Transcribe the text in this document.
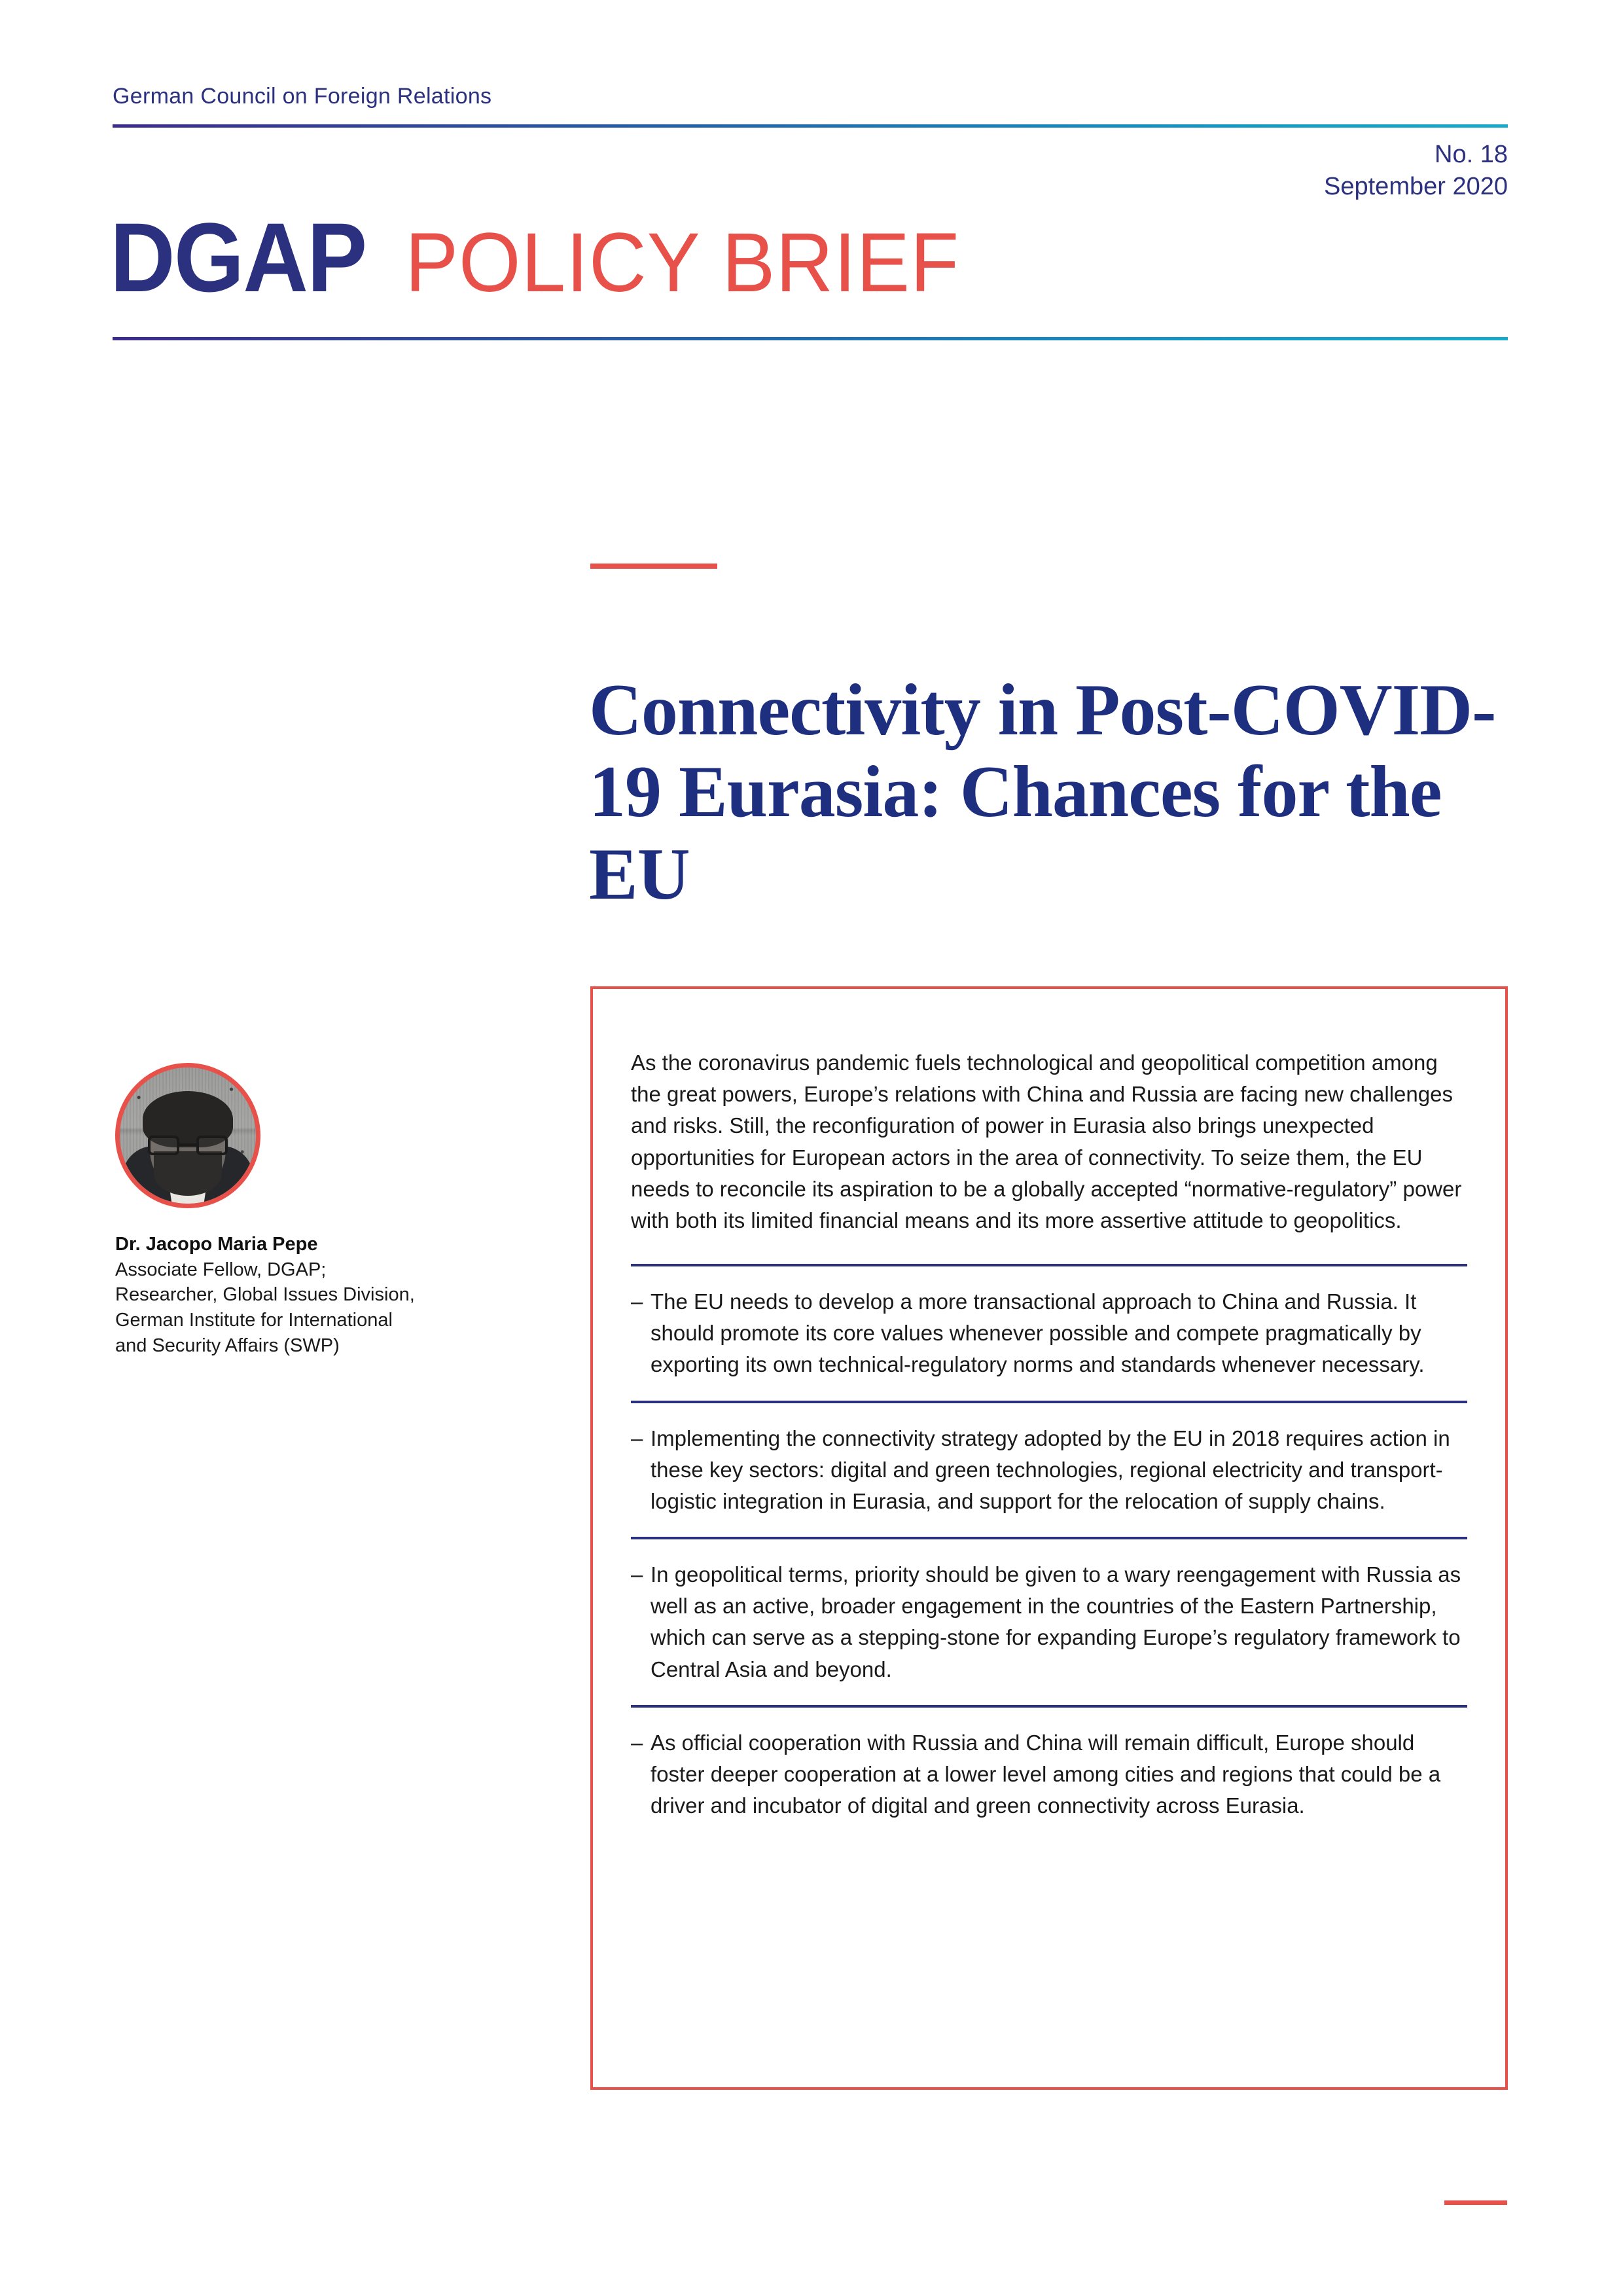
German Council on Foreign Relations
No. 18
September 2020
DGAP POLICY BRIEF
Connectivity in Post-COVID-19 Eurasia: Chances for the EU
Dr. Jacopo Maria Pepe
Associate Fellow, DGAP;
Researcher, Global Issues Division,
German Institute for International
and Security Affairs (SWP)

As the coronavirus pandemic fuels technological and geopolitical competition among the great powers, Europe’s relations with China and Russia are facing new challenges and risks. Still, the reconfiguration of power in Eurasia also brings unexpected opportunities for European actors in the area of connectivity. To seize them, the EU needs to reconcile its aspiration to be a globally accepted “normative-regulatory” power with both its limited financial means and its more assertive attitude to geopolitics.

– The EU needs to develop a more transactional approach to China and Russia. It should promote its core values whenever possible and compete pragmatically by exporting its own technical-regulatory norms and standards whenever necessary.
– Implementing the connectivity strategy adopted by the EU in 2018 requires action in these key sectors: digital and green technologies, regional electricity and transport-logistic integration in Eurasia, and support for the relocation of supply chains.
– In geopolitical terms, priority should be given to a wary reengagement with Russia as well as an active, broader engagement in the countries of the Eastern Partnership, which can serve as a stepping-stone for expanding Europe’s regulatory framework to Central Asia and beyond.
– As official cooperation with Russia and China will remain difficult, Europe should foster deeper cooperation at a lower level among cities and regions that could be a driver and incubator of digital and green connectivity across Eurasia.
